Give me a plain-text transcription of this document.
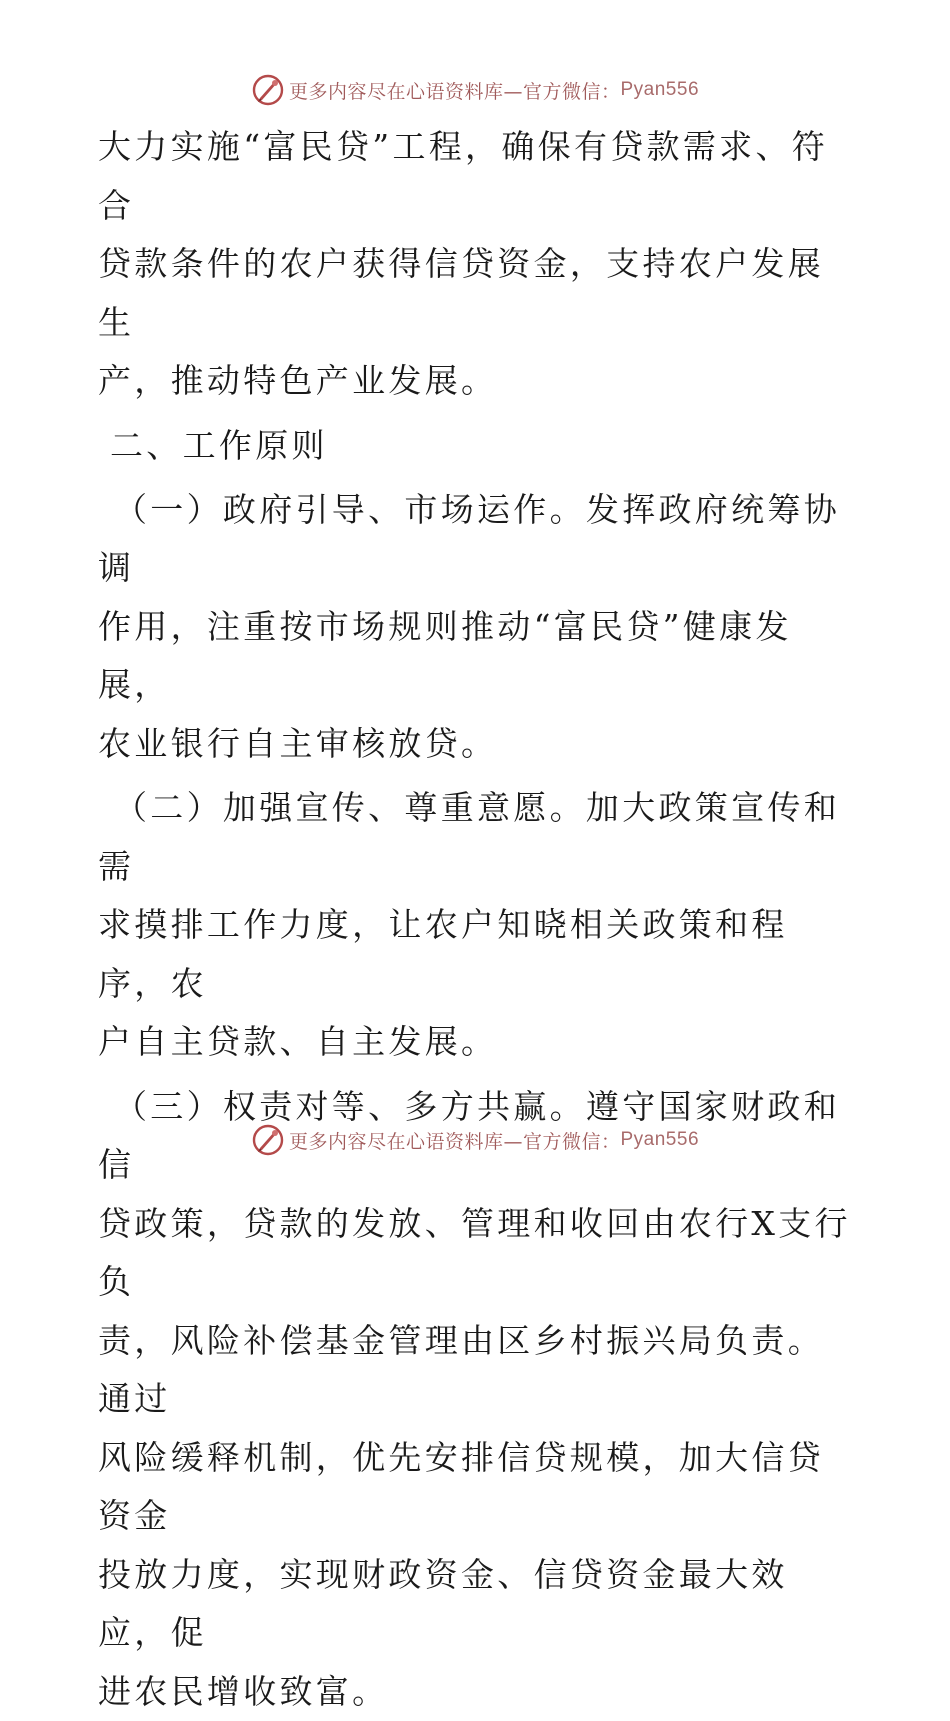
更多内容尽在心语资料库—官方微信： Pyan556

大力实施“富民贷”工程，确保有贷款需求、符合
贷款条件的农户获得信贷资金，支持农户发展生
产，推动特色产业发展。

二、工作原则

（一）政府引导、市场运作。发挥政府统筹协调
作用，注重按市场规则推动“富民贷”健康发展，
农业银行自主审核放贷。

（二）加强宣传、尊重意愿。加大政策宣传和需
求摸排工作力度，让农户知晓相关政策和程序，农
户自主贷款、自主发展。

（三）权责对等、多方共赢。遵守国家财政和信
贷政策，贷款的发放、管理和收回由农行X支行负
责，风险补偿基金管理由区乡村振兴局负责。通过
风险缓释机制，优先安排信贷规模，加大信贷资金
投放力度，实现财政资金、信贷资金最大效应，促
进农民增收致富。

更多内容尽在心语资料库—官方微信： Pyan556
